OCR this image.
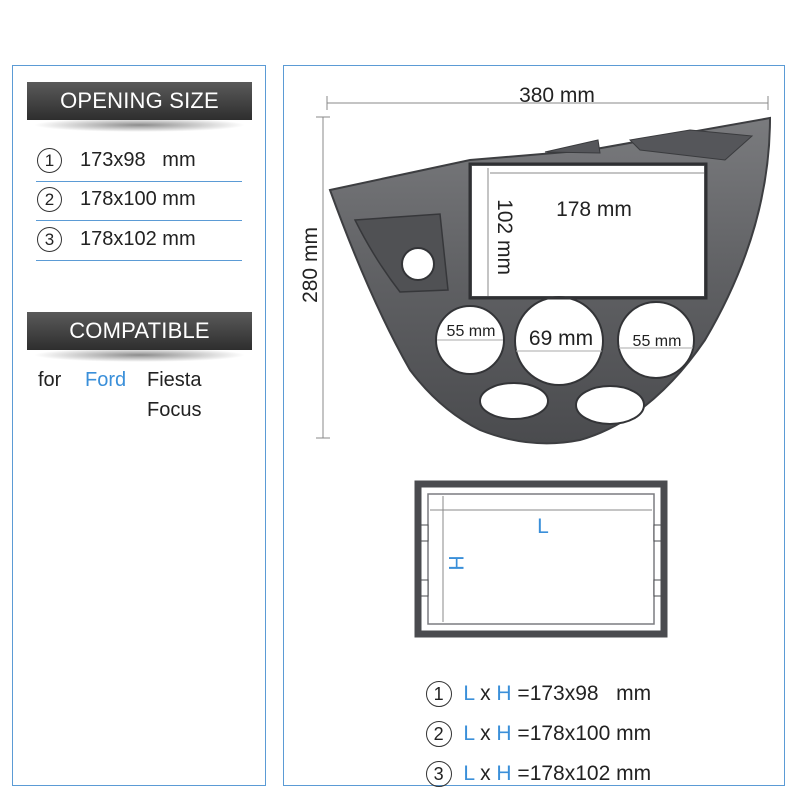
OPENING SIZE
1	173x98   mm
2	178x100 mm
3	178x102 mm
COMPATIBLE
for Ford Fiesta
Focus
380 mm
280 mm
178 mm
102 mm
55 mm 69 mm 55 mm
L
H

1 L x H =173x98   mm

2 L x H =178x100 mm

3 L x H =178x102 mm
